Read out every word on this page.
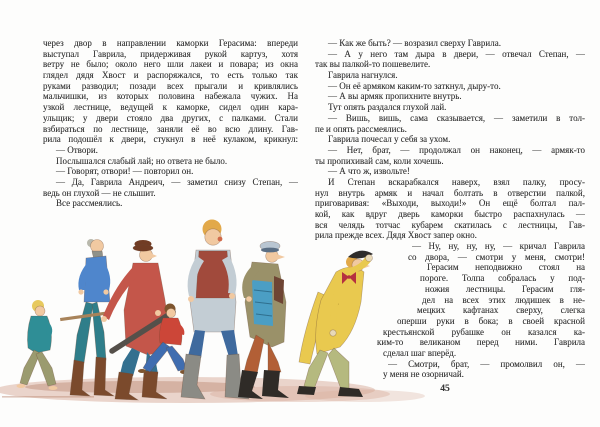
через двор в направлении каморки Герасима: впереди
выступал Гаврила, придерживая рукой картуз, хотя
ветру не было; около него шли лакеи и повара; из окна
глядел дядя Хвост и распоряжался, то есть только так
руками разводил; позади всех прыгали и кривлялись
мальчишки, из которых половина набежала чужих. На
узкой лестнице, ведущей к каморке, сидел один кара-
ульщик; у двери стояло два других, с палками. Стали
взбираться по лестнице, заняли её во всю длину. Гав-
рила подошёл к двери, стукнул в неё кулаком, крикнул:
— Отвори.
Послышался слабый лай; но ответа не было.
— Говорят, отвори! — повторил он.
— Да, Гаврила Андреич, — заметил снизу Степан, —
ведь он глухой — не слышит.
Все рассмеялись.
— Как же быть? — возразил сверху Гаврила.
— А у него там дыра в двери, — отвечал Степан, —
так вы палкой-то пошевелите.
Гаврила нагнулся.
— Он её армяком каким-то заткнул, дыру-то.
— А вы армяк пропихните внутрь.
Тут опять раздался глухой лай.
— Вишь, вишь, сама сказывается, — заметили в тол-
пе и опять рассмеялись.
Гаврила почесал у себя за ухом.
— Нет, брат, — продолжал он наконец, — армяк-то
ты пропихивай сам, коли хочешь.
— А что ж, извольте!
И Степан вскарабкался наверх, взял палку, просу-
нул внутрь армяк и начал болтать в отверстии палкой,
приговаривая: «Выходи, выходи!» Он ещё болтал пал-
кой, как вдруг дверь каморки быстро распахнулась —
вся челядь тотчас кубарем скатилась с лестницы, Гав-
рила прежде всех. Дядя Хвост запер окно.
— Ну, ну, ну, ну, — кричал Гаврила
со двора, — смотри у меня, смотри!
Герасим неподвижно стоял на
пороге. Толпа собралась у под-
ножия лестницы. Герасим гля-
дел на всех этих людишек в не-
мецких кафтанах сверху, слегка
оперши руки в бока; в своей красной
крестьянской рубашке он казался ка-
ким-то великаном перед ними. Гаврила
сделал шаг вперёд.
— Смотри, брат, — промолвил он, —
у меня не озорничай.
45
